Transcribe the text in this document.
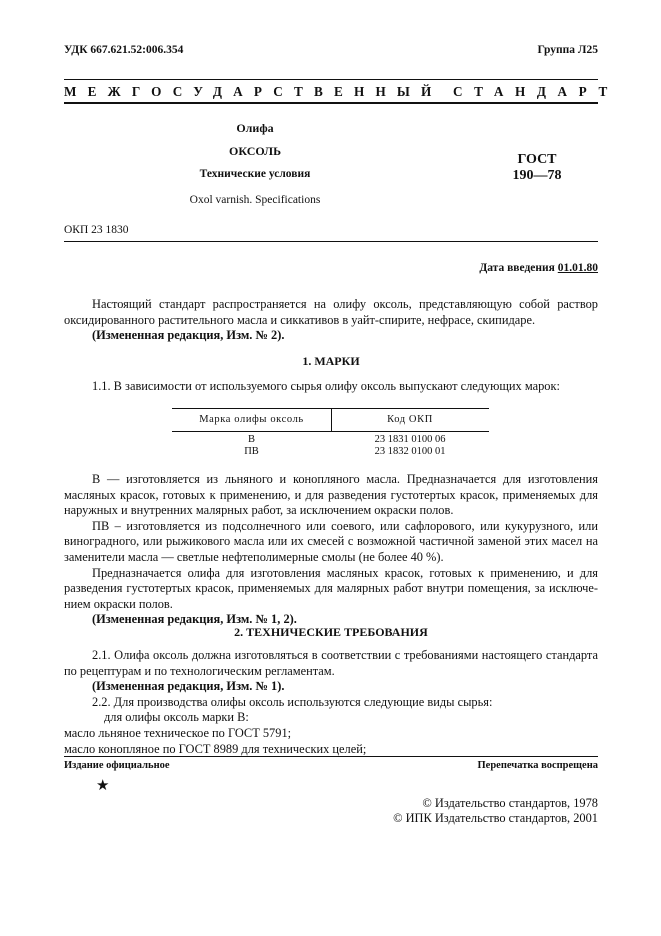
УДК 667.621.52:006.354	Группа Л25
МЕЖГОСУДАРСТВЕННЫЙ СТАНДАРТ
Олифа
ОКСОЛЬ
Технические условия
Oxol varnish. Specifications
ГОСТ
190—78
ОКП 23 1830
Дата введения 01.01.80
Настоящий стандарт распространяется на олифу оксоль, представляющую собой раствор
оксидированного растительного масла и сиккативов в уайт-спирите, нефрасе, скипидаре.
(Измененная редакция, Изм. № 2).
1. МАРКИ
1.1. В зависимости от используемого сырья олифу оксоль выпускают следующих марок:
Марка олифы оксоль	Код ОКП
В	23 1831 0100 06
ПВ	23 1832 0100 01
В — изготовляется из льняного и конопляного масла. Предназначается для изготовления
масляных красок, готовых к применению, и для разведения густотертых красок, применяемых для
наружных и внутренних малярных работ, за исключением окраски полов.
ПВ – изготовляется из подсолнечного или соевого, или сафлорового, или кукурузного, или
виноградного, или рыжикового масла или их смесей с возможной частичной заменой этих масел на
заменители масла — светлые нефтеполимерные смолы (не более 40 %).
Предназначается олифа для изготовления масляных красок, готовых к применению, и для
разведения густотертых красок, применяемых для малярных работ внутри помещения, за исключе-
нием окраски полов.
(Измененная редакция, Изм. № 1, 2).
2. ТЕХНИЧЕСКИЕ ТРЕБОВАНИЯ
2.1. Олифа оксоль должна изготовляться в соответствии с требованиями настоящего стандарта
по рецептурам и по технологическим регламентам.
(Измененная редакция, Изм. № 1).
2.2. Для производства олифы оксоль используются следующие виды сырья:
для олифы оксоль марки В:
масло льняное техническое по ГОСТ 5791;
масло конопляное по ГОСТ 8989 для технических целей;
Издание официальное	Перепечатка воспрещена
★
© Издательство стандартов, 1978
© ИПК Издательство стандартов, 2001
